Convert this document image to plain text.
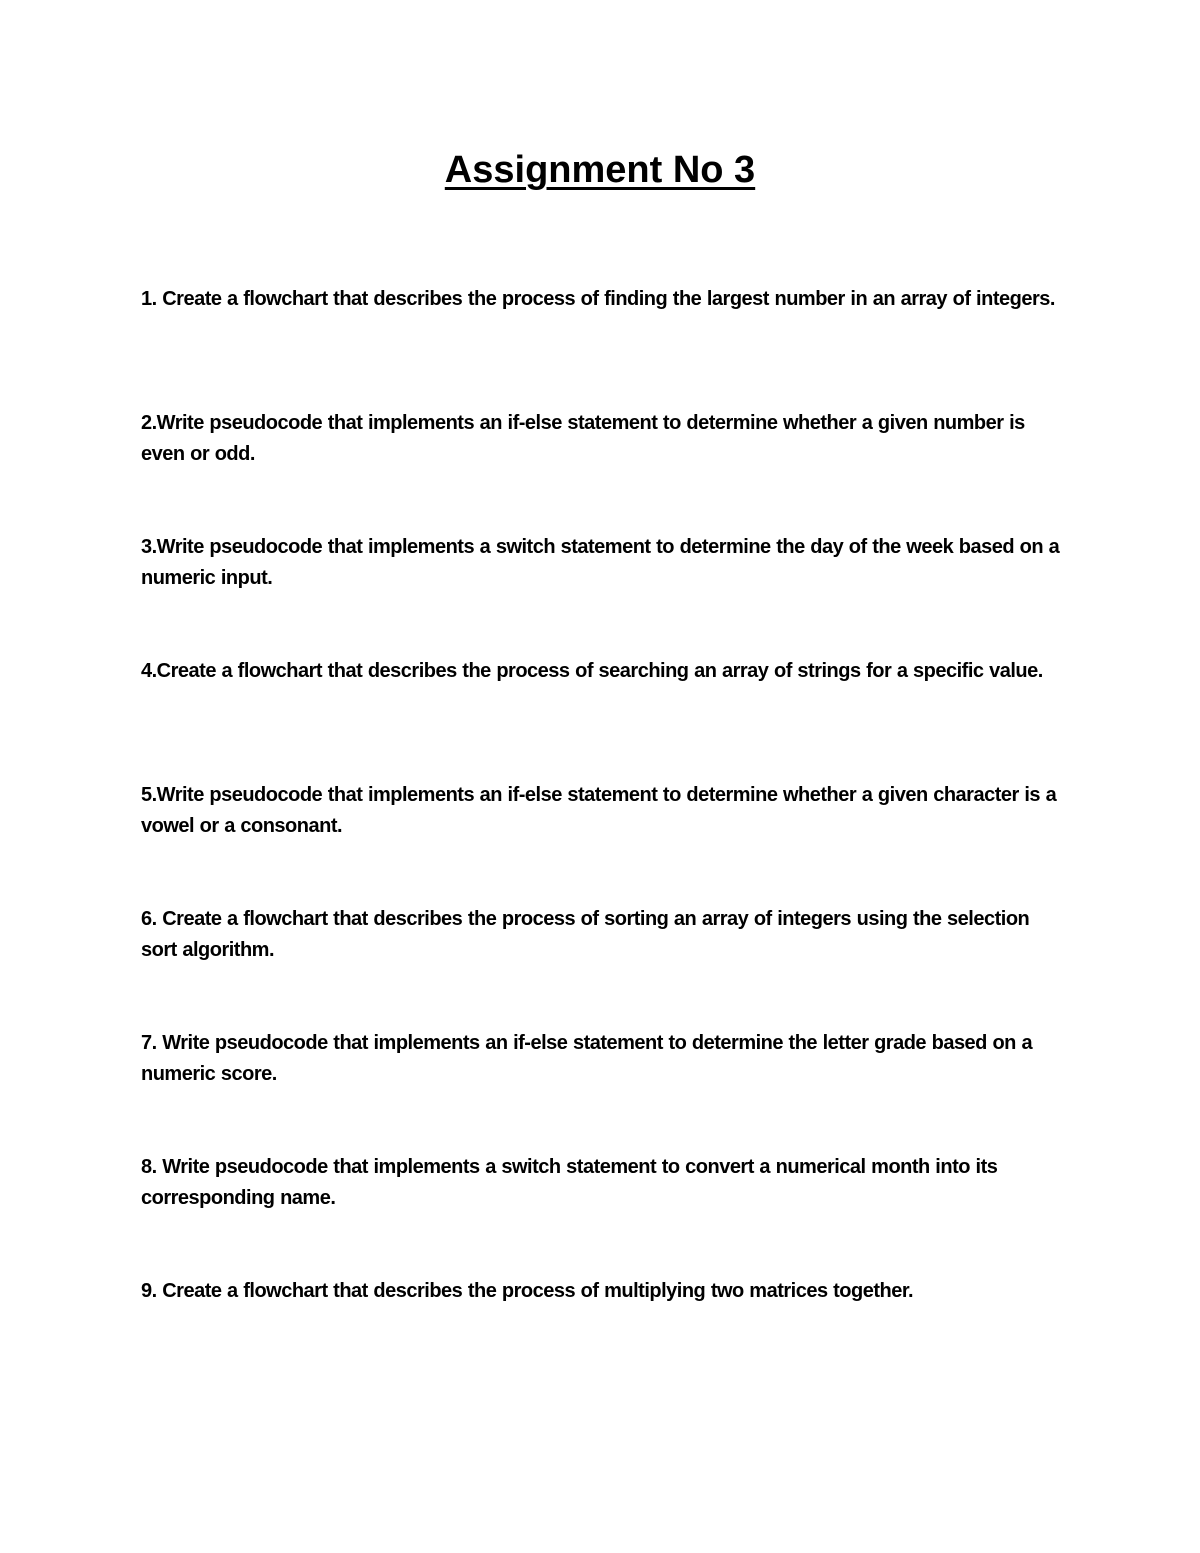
Assignment No 3
1. Create a flowchart that describes the process of finding the largest number in an array of integers.
2.Write pseudocode that implements an if-else statement to determine whether a given number is even or odd.
3.Write pseudocode that implements a switch statement to determine the day of the week based on a numeric input.
4.Create a flowchart that describes the process of searching an array of strings for a specific value.
5.Write pseudocode that implements an if-else statement to determine whether a given character is a vowel or a consonant.
6. Create a flowchart that describes the process of sorting an array of integers using the selection sort algorithm.
7. Write pseudocode that implements an if-else statement to determine the letter grade based on a numeric score.
8. Write pseudocode that implements a switch statement to convert a numerical month into its corresponding name.
9. Create a flowchart that describes the process of multiplying two matrices together.
